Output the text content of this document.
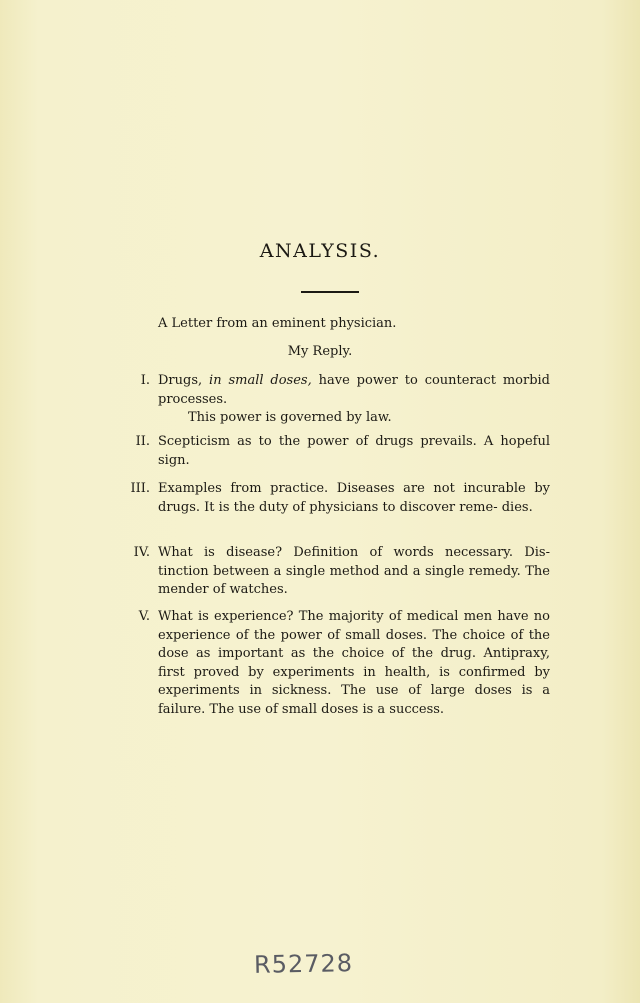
ANALYSIS.

A Letter from an eminent physician.

My Reply.

I. Drugs, in small doses, have power to counteract morbid processes.

This power is governed by law.

II. Scepticism as to the power of drugs prevails. A hopeful sign.

III. Examples from practice. Diseases are not incurable by drugs. It is the duty of physicians to discover reme- dies.

IV. What is disease? Definition of words necessary. Dis- tinction between a single method and a single remedy. The mender of watches.

V. What is experience? The majority of medical men have no experience of the power of small doses. The choice of the dose as important as the choice of the drug. Antipraxy, first proved by experiments in health, is confirmed by experiments in sickness. The use of large doses is a failure. The use of small doses is a success.

R52728
